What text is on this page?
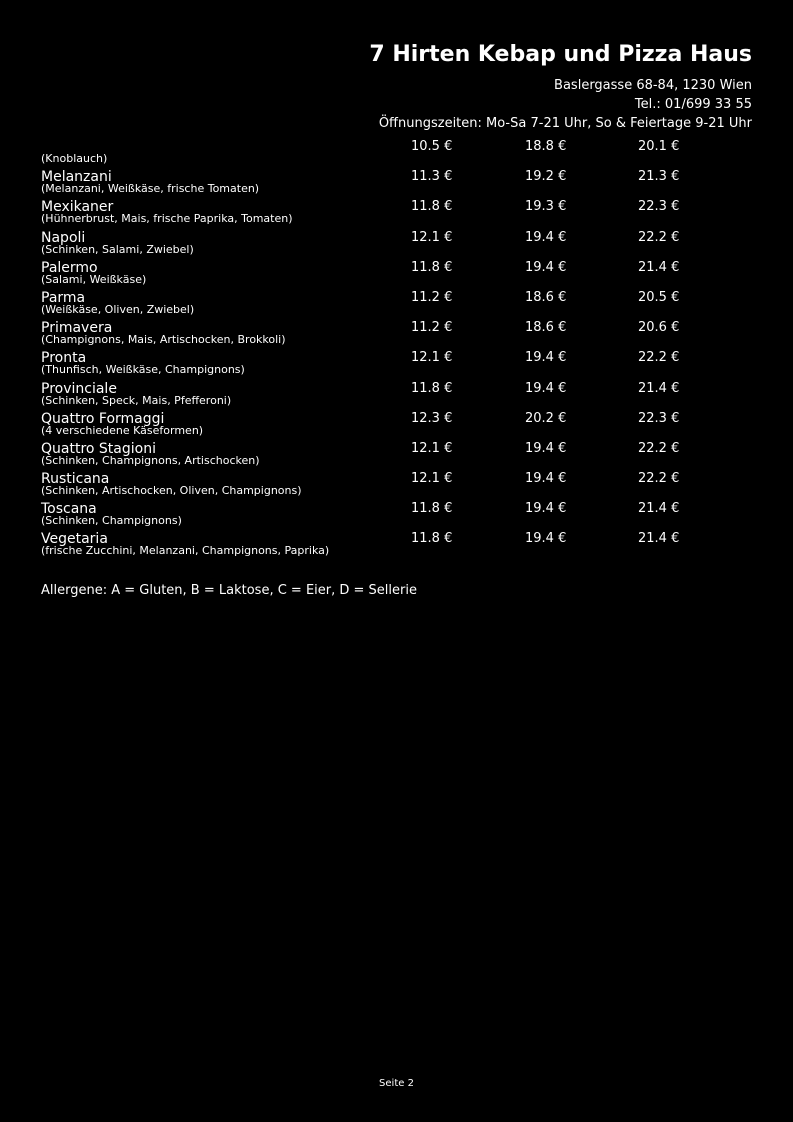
7 Hirten Kebap und Pizza Haus
Baslergasse 68-84, 1230 Wien
Tel.: 01/699 33 55
Öffnungszeiten: Mo-Sa 7-21 Uhr, So & Feiertage 9-21 Uhr
(Knoblauch)
10.5 €	18.8 €	20.1 €
Melanzani
(Melanzani, Weißkäse, frische Tomaten)
11.3 €	19.2 €	21.3 €
Mexikaner
(Hühnerbrust, Mais, frische Paprika, Tomaten)
11.8 €	19.3 €	22.3 €
Napoli
(Schinken, Salami, Zwiebel)
12.1 €	19.4 €	22.2 €
Palermo
(Salami, Weißkäse)
11.8 €	19.4 €	21.4 €
Parma
(Weißkäse, Oliven, Zwiebel)
11.2 €	18.6 €	20.5 €
Primavera
(Champignons, Mais, Artischocken, Brokkoli)
11.2 €	18.6 €	20.6 €
Pronta
(Thunfisch, Weißkäse, Champignons)
12.1 €	19.4 €	22.2 €
Provinciale
(Schinken, Speck, Mais, Pfefferoni)
11.8 €	19.4 €	21.4 €
Quattro Formaggi
(4 verschiedene Käseformen)
12.3 €	20.2 €	22.3 €
Quattro Stagioni
(Schinken, Champignons, Artischocken)
12.1 €	19.4 €	22.2 €
Rusticana
(Schinken, Artischocken, Oliven, Champignons)
12.1 €	19.4 €	22.2 €
Toscana
(Schinken, Champignons)
11.8 €	19.4 €	21.4 €
Vegetaria
(frische Zucchini, Melanzani, Champignons, Paprika)
11.8 €	19.4 €	21.4 €
Allergene: A = Gluten, B = Laktose, C = Eier, D = Sellerie
Seite 2
